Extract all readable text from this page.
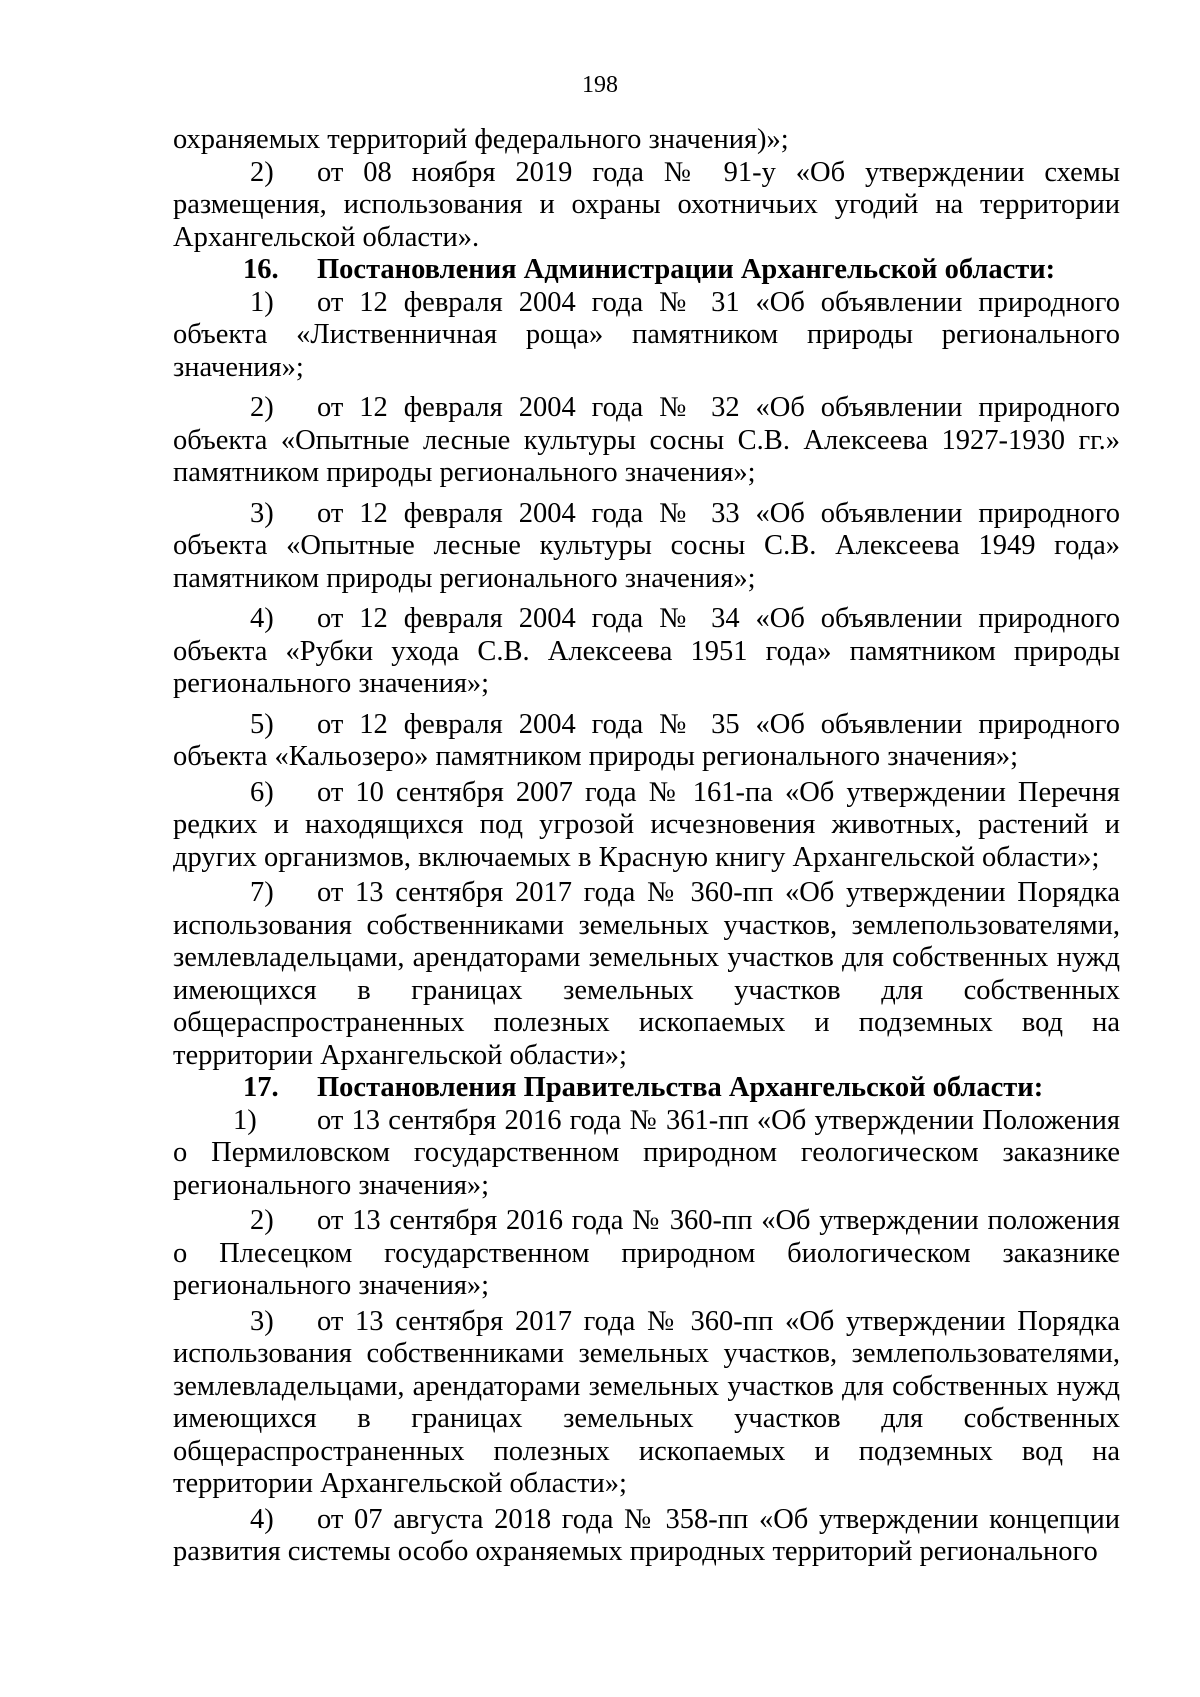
198

охраняемых территорий федерального значения)»;

2) от 08 ноября 2019 года № 91-у «Об утверждении схемы размещения, использования и охраны охотничьих угодий на территории Архангельской области».

16. Постановления Администрации Архангельской области:

1) от 12 февраля 2004 года № 31 «Об объявлении природного объекта «Лиственничная роща» памятником природы регионального значения»;

2) от 12 февраля 2004 года № 32 «Об объявлении природного объекта «Опытные лесные культуры сосны С.В. Алексеева 1927-1930 гг.» памятником природы регионального значения»;

3) от 12 февраля 2004 года № 33 «Об объявлении природного объекта «Опытные лесные культуры сосны С.В. Алексеева 1949 года» памятником природы регионального значения»;

4) от 12 февраля 2004 года № 34 «Об объявлении природного объекта «Рубки ухода С.В. Алексеева 1951 года» памятником природы регионального значения»;

5) от 12 февраля 2004 года № 35 «Об объявлении природного объекта «Кальозеро» памятником природы регионального значения»;

6) от 10 сентября 2007 года № 161-па «Об утверждении Перечня редких и находящихся под угрозой исчезновения животных, растений и других организмов, включаемых в Красную книгу Архангельской области»;

7) от 13 сентября 2017 года № 360-пп «Об утверждении Порядка использования собственниками земельных участков, землепользователями, землевладельцами, арендаторами земельных участков для собственных нужд имеющихся в границах земельных участков для собственных общераспространенных полезных ископаемых и подземных вод на территории Архангельской области»;

17. Постановления Правительства Архангельской области:

1) от 13 сентября 2016 года № 361-пп «Об утверждении Положения о Пермиловском государственном природном геологическом заказнике регионального значения»;

2) от 13 сентября 2016 года № 360-пп «Об утверждении положения о Плесецком государственном природном биологическом заказнике регионального значения»;

3) от 13 сентября 2017 года № 360-пп «Об утверждении Порядка использования собственниками земельных участков, землепользователями, землевладельцами, арендаторами земельных участков для собственных нужд имеющихся в границах земельных участков для собственных общераспространенных полезных ископаемых и подземных вод на территории Архангельской области»;

4) от 07 августа 2018 года № 358-пп «Об утверждении концепции развития системы особо охраняемых природных территорий регионального
